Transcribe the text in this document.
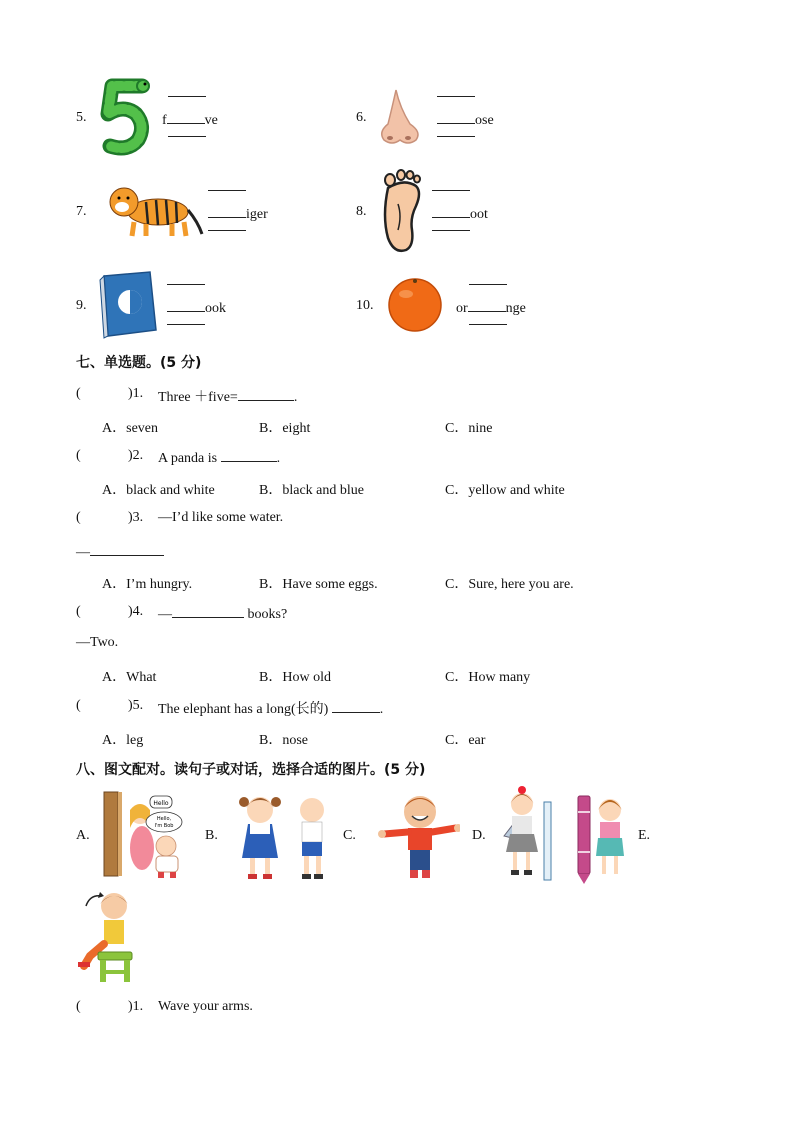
5.	f	ve	6.	ose
7.	iger	8.	oot
9.	ook	10.	or	nge
七、单选题。(5 分)
(	)1. Three ＋five=	.
A．seven	B．eight	C．nine
(	)2. A panda is	.
A．black and white	B．black and blue	C．yellow and white
(	)3. —I’d like some water.
—
A．I’m hungry.	B．Have some eggs.	C．Sure, here you are.
(	)4. —	books?
—Two.
A．What	B．How old	C．How many
(	)5. The elephant has a long(长的)	.
A．leg	B．nose	C．ear
八、图文配对。读句子或对话，选择合适的图片。(5 分)
A.
Hello
Hello,
I'm Bob
B.	C.	D.	E.
(	)1. Wave your arms.
